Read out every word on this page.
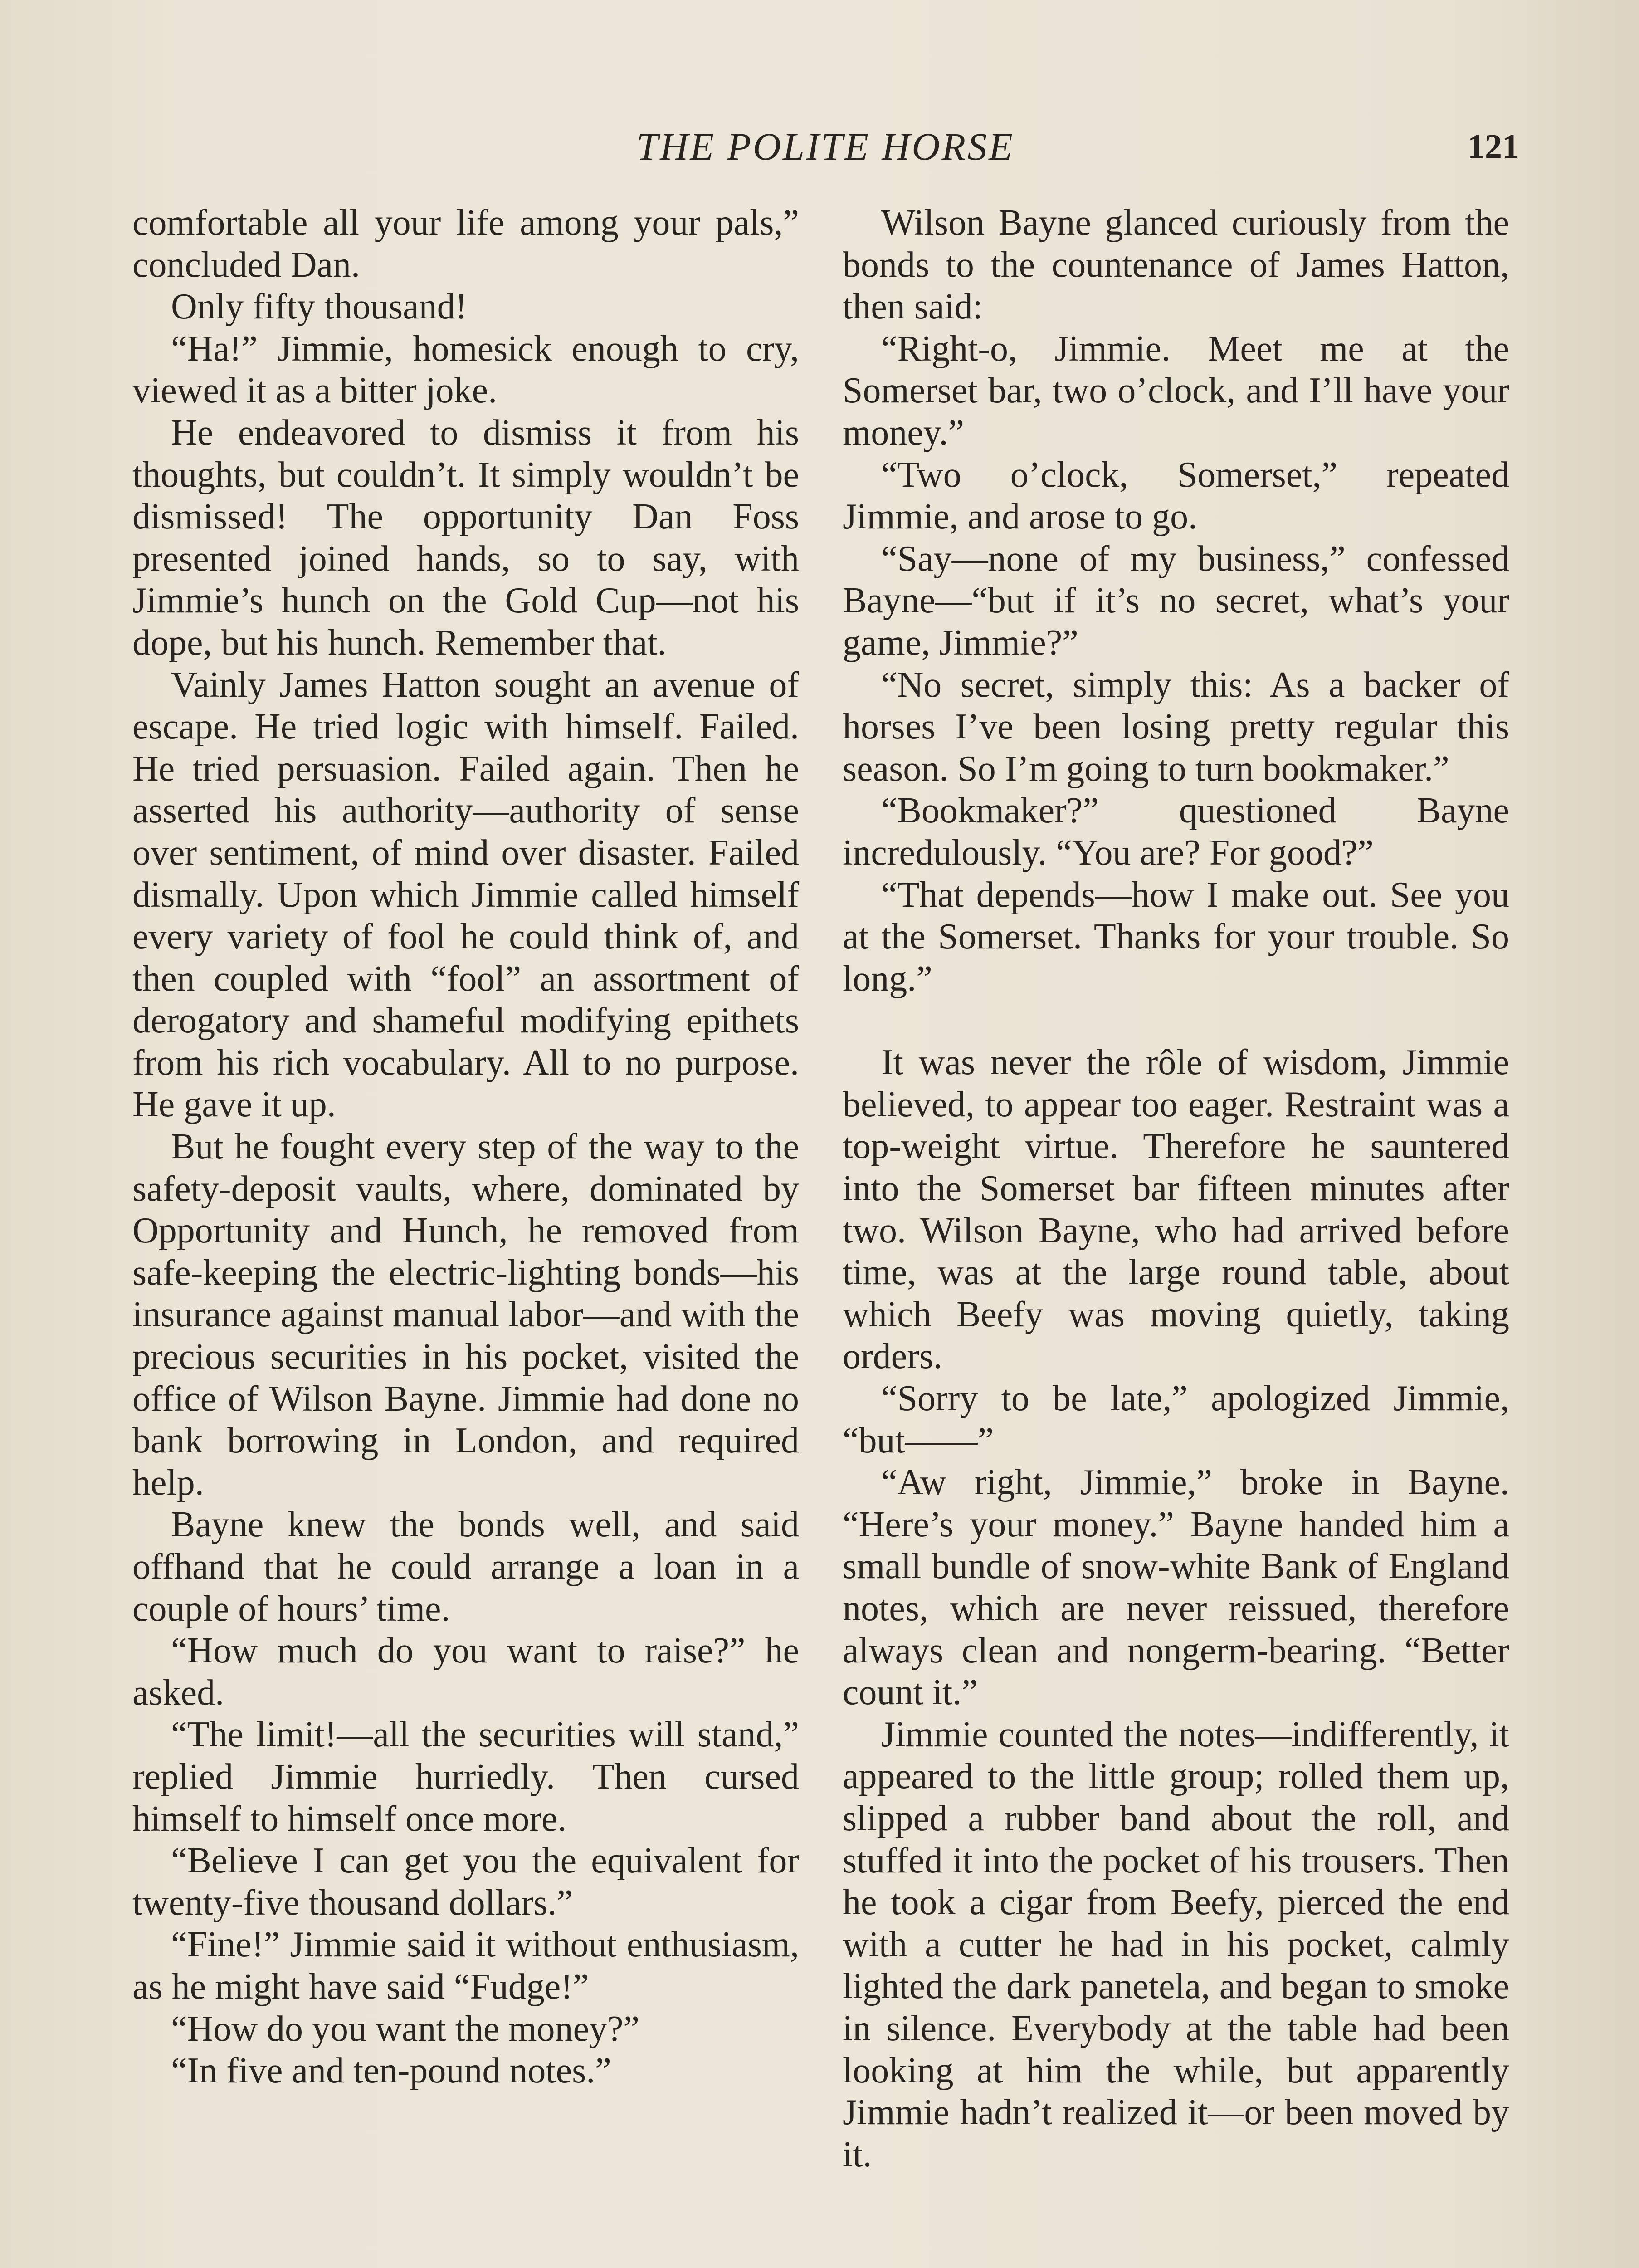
THE POLITE HORSE	121

comfortable all your life among your pals,” concluded Dan.

Only fifty thousand!

“Ha!” Jimmie, homesick enough to cry, viewed it as a bitter joke.

He endeavored to dismiss it from his thoughts, but couldn’t. It simply wouldn’t be dismissed! The opportunity Dan Foss presented joined hands, so to say, with Jimmie’s hunch on the Gold Cup—not his dope, but his hunch. Remember that.

Vainly James Hatton sought an avenue of escape. He tried logic with himself. Failed. He tried persuasion. Failed again. Then he asserted his authority—authority of sense over sentiment, of mind over disaster. Failed dismally. Upon which Jimmie called himself every variety of fool he could think of, and then coupled with “fool” an assortment of derogatory and shameful modifying epithets from his rich vocabulary. All to no purpose. He gave it up.

But he fought every step of the way to the safety-deposit vaults, where, dominated by Opportunity and Hunch, he removed from safe-keeping the electric-lighting bonds—his insurance against manual labor—and with the precious securities in his pocket, visited the office of Wilson Bayne. Jimmie had done no bank borrowing in London, and required help.

Bayne knew the bonds well, and said offhand that he could arrange a loan in a couple of hours’ time.

“How much do you want to raise?” he asked.

“The limit!—all the securities will stand,” replied Jimmie hurriedly. Then cursed himself to himself once more.

“Believe I can get you the equivalent for twenty-five thousand dollars.”

“Fine!” Jimmie said it without enthusiasm, as he might have said “Fudge!”

“How do you want the money?”

“In five and ten-pound notes.”

Wilson Bayne glanced curiously from the bonds to the countenance of James Hatton, then said:

“Right-o, Jimmie. Meet me at the Somerset bar, two o’clock, and I’ll have your money.”

“Two o’clock, Somerset,” repeated Jimmie, and arose to go.

“Say—none of my business,” confessed Bayne—“but if it’s no secret, what’s your game, Jimmie?”

“No secret, simply this: As a backer of horses I’ve been losing pretty regular this season. So I’m going to turn bookmaker.”

“Bookmaker?” questioned Bayne incredulously. “You are? For good?”

“That depends—how I make out. See you at the Somerset. Thanks for your trouble. So long.”

It was never the rôle of wisdom, Jimmie believed, to appear too eager. Restraint was a top-weight virtue. Therefore he sauntered into the Somerset bar fifteen minutes after two. Wilson Bayne, who had arrived before time, was at the large round table, about which Beefy was moving quietly, taking orders.

“Sorry to be late,” apologized Jimmie, “but——”

“Aw right, Jimmie,” broke in Bayne. “Here’s your money.” Bayne handed him a small bundle of snow-white Bank of England notes, which are never reissued, therefore always clean and nongerm-bearing. “Better count it.”

Jimmie counted the notes—indifferently, it appeared to the little group; rolled them up, slipped a rubber band about the roll, and stuffed it into the pocket of his trousers. Then he took a cigar from Beefy, pierced the end with a cutter he had in his pocket, calmly lighted the dark panetela, and began to smoke in silence. Everybody at the table had been looking at him the while, but apparently Jimmie hadn’t realized it—or been moved by it.
